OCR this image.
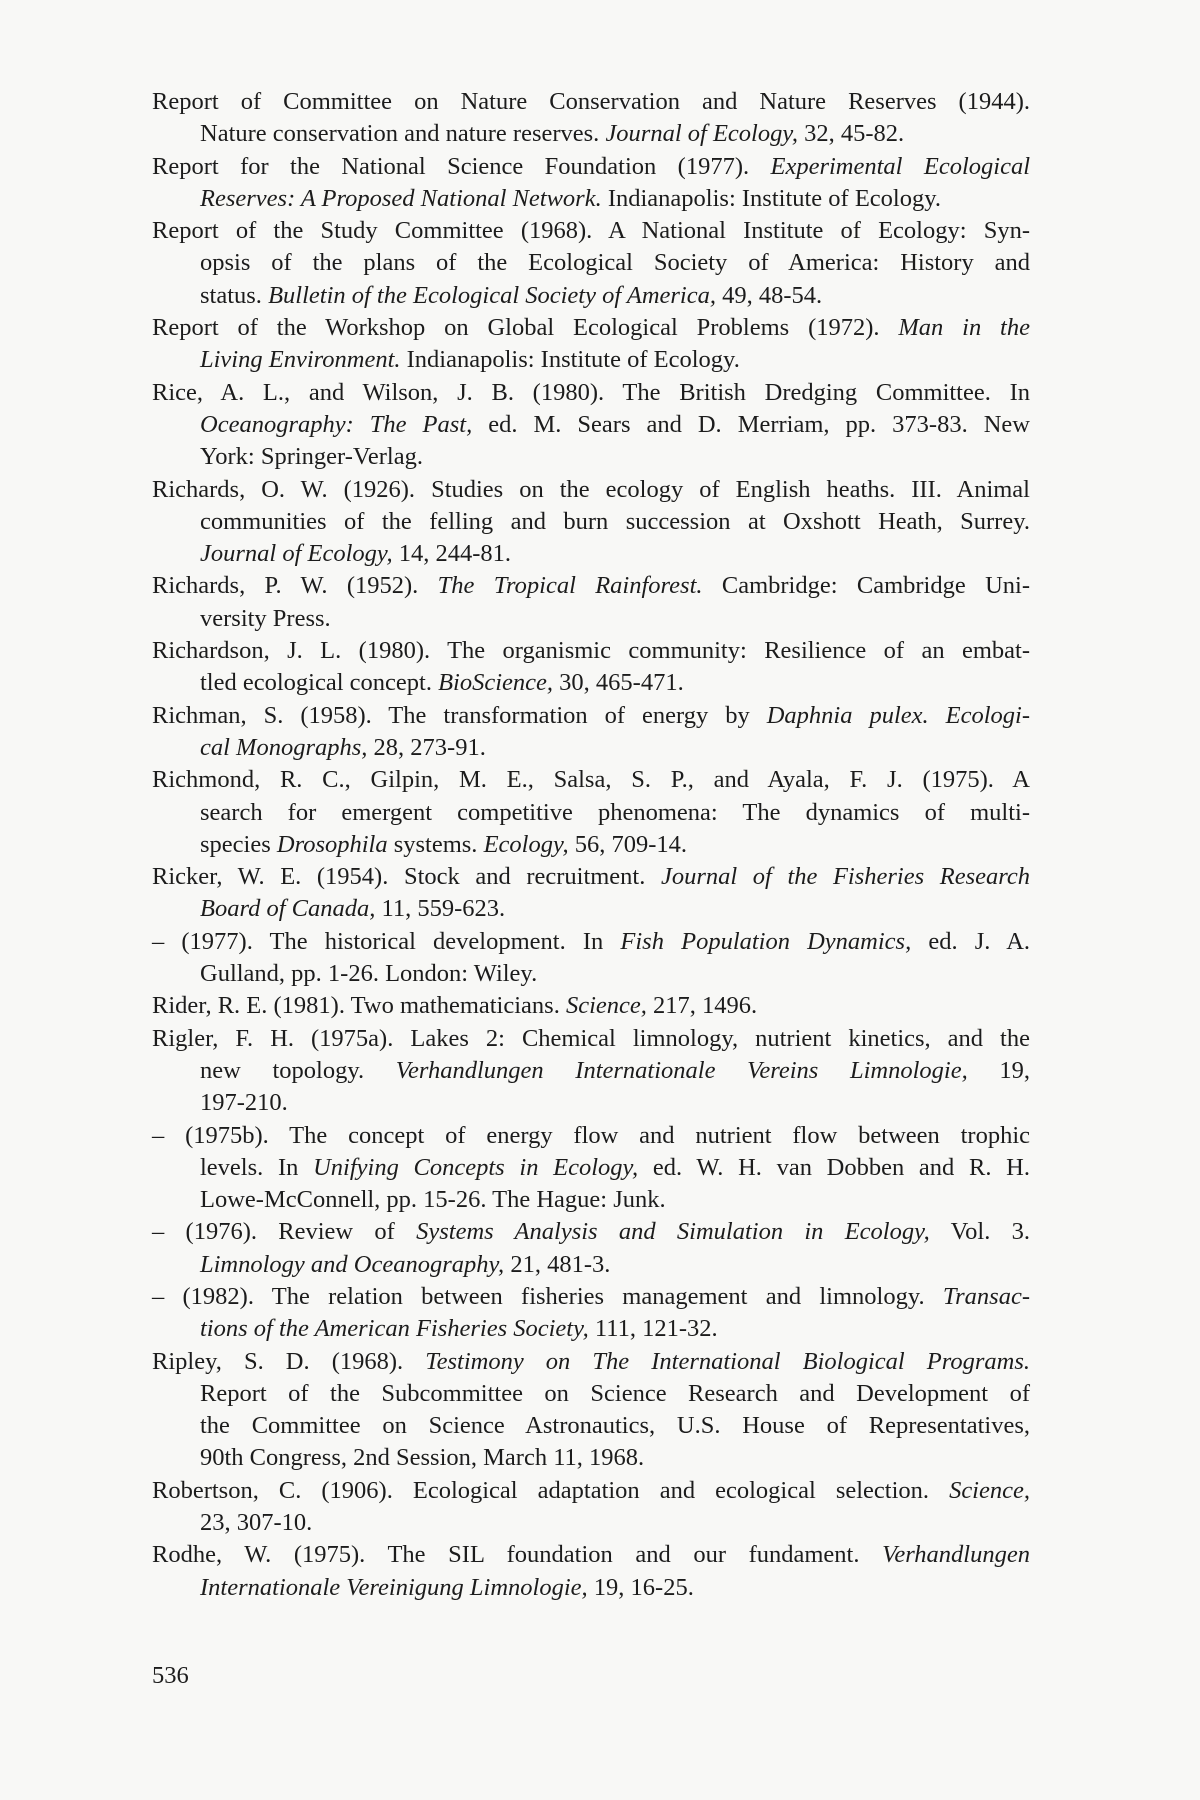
Report of Committee on Nature Conservation and Nature Reserves (1944).
Nature conservation and nature reserves. Journal of Ecology, 32, 45-82.
Report for the National Science Foundation (1977). Experimental Ecological
Reserves: A Proposed National Network. Indianapolis: Institute of Ecology.
Report of the Study Committee (1968). A National Institute of Ecology: Syn-
opsis of the plans of the Ecological Society of America: History and
status. Bulletin of the Ecological Society of America, 49, 48-54.
Report of the Workshop on Global Ecological Problems (1972). Man in the
Living Environment. Indianapolis: Institute of Ecology.
Rice, A. L., and Wilson, J. B. (1980). The British Dredging Committee. In
Oceanography: The Past, ed. M. Sears and D. Merriam, pp. 373-83. New
York: Springer-Verlag.
Richards, O. W. (1926). Studies on the ecology of English heaths. III. Animal
communities of the felling and burn succession at Oxshott Heath, Surrey.
Journal of Ecology, 14, 244-81.
Richards, P. W. (1952). The Tropical Rainforest. Cambridge: Cambridge Uni-
versity Press.
Richardson, J. L. (1980). The organismic community: Resilience of an embat-
tled ecological concept. BioScience, 30, 465-471.
Richman, S. (1958). The transformation of energy by Daphnia pulex. Ecologi-
cal Monographs, 28, 273-91.
Richmond, R. C., Gilpin, M. E., Salsa, S. P., and Ayala, F. J. (1975). A
search for emergent competitive phenomena: The dynamics of multi-
species Drosophila systems. Ecology, 56, 709-14.
Ricker, W. E. (1954). Stock and recruitment. Journal of the Fisheries Research
Board of Canada, 11, 559-623.
– (1977). The historical development. In Fish Population Dynamics, ed. J. A.
Gulland, pp. 1-26. London: Wiley.
Rider, R. E. (1981). Two mathematicians. Science, 217, 1496.
Rigler, F. H. (1975a). Lakes 2: Chemical limnology, nutrient kinetics, and the
new topology. Verhandlungen Internationale Vereins Limnologie, 19,
197-210.
– (1975b). The concept of energy flow and nutrient flow between trophic
levels. In Unifying Concepts in Ecology, ed. W. H. van Dobben and R. H.
Lowe-McConnell, pp. 15-26. The Hague: Junk.
– (1976). Review of Systems Analysis and Simulation in Ecology, Vol. 3.
Limnology and Oceanography, 21, 481-3.
– (1982). The relation between fisheries management and limnology. Transac-
tions of the American Fisheries Society, 111, 121-32.
Ripley, S. D. (1968). Testimony on The International Biological Programs.
Report of the Subcommittee on Science Research and Development of
the Committee on Science Astronautics, U.S. House of Representatives,
90th Congress, 2nd Session, March 11, 1968.
Robertson, C. (1906). Ecological adaptation and ecological selection. Science,
23, 307-10.
Rodhe, W. (1975). The SIL foundation and our fundament. Verhandlungen
Internationale Vereinigung Limnologie, 19, 16-25.
536
